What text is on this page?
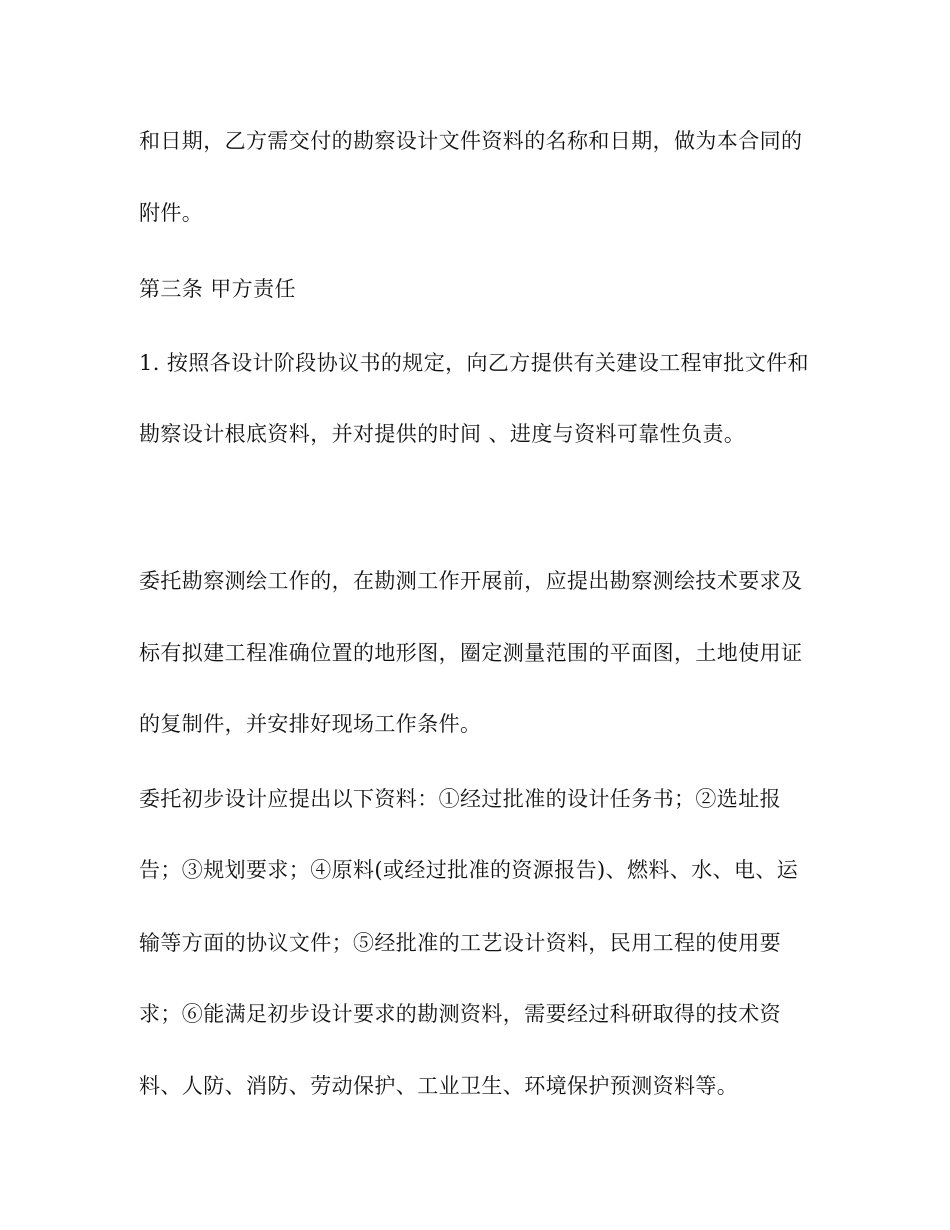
和日期，乙方需交付的勘察设计文件资料的名称和日期，做为本合同的
附件。
第三条 甲方责任
1. 按照各设计阶段协议书的规定，向乙方提供有关建设工程审批文件和
勘察设计根底资料，并对提供的时间 、进度与资料可靠性负责。
委托勘察测绘工作的，在勘测工作开展前，应提出勘察测绘技术要求及
标有拟建工程准确位置的地形图，圈定测量范围的平面图，土地使用证
的复制件，并安排好现场工作条件。
委托初步设计应提出以下资料：①经过批准的设计任务书；②选址报
告；③规划要求；④原料(或经过批准的资源报告)、燃料、水、电、运
输等方面的协议文件；⑤经批准的工艺设计资料，民用工程的使用要
求；⑥能满足初步设计要求的勘测资料，需要经过科研取得的技术资
料、人防、消防、劳动保护、工业卫生、环境保护预测资料等。
